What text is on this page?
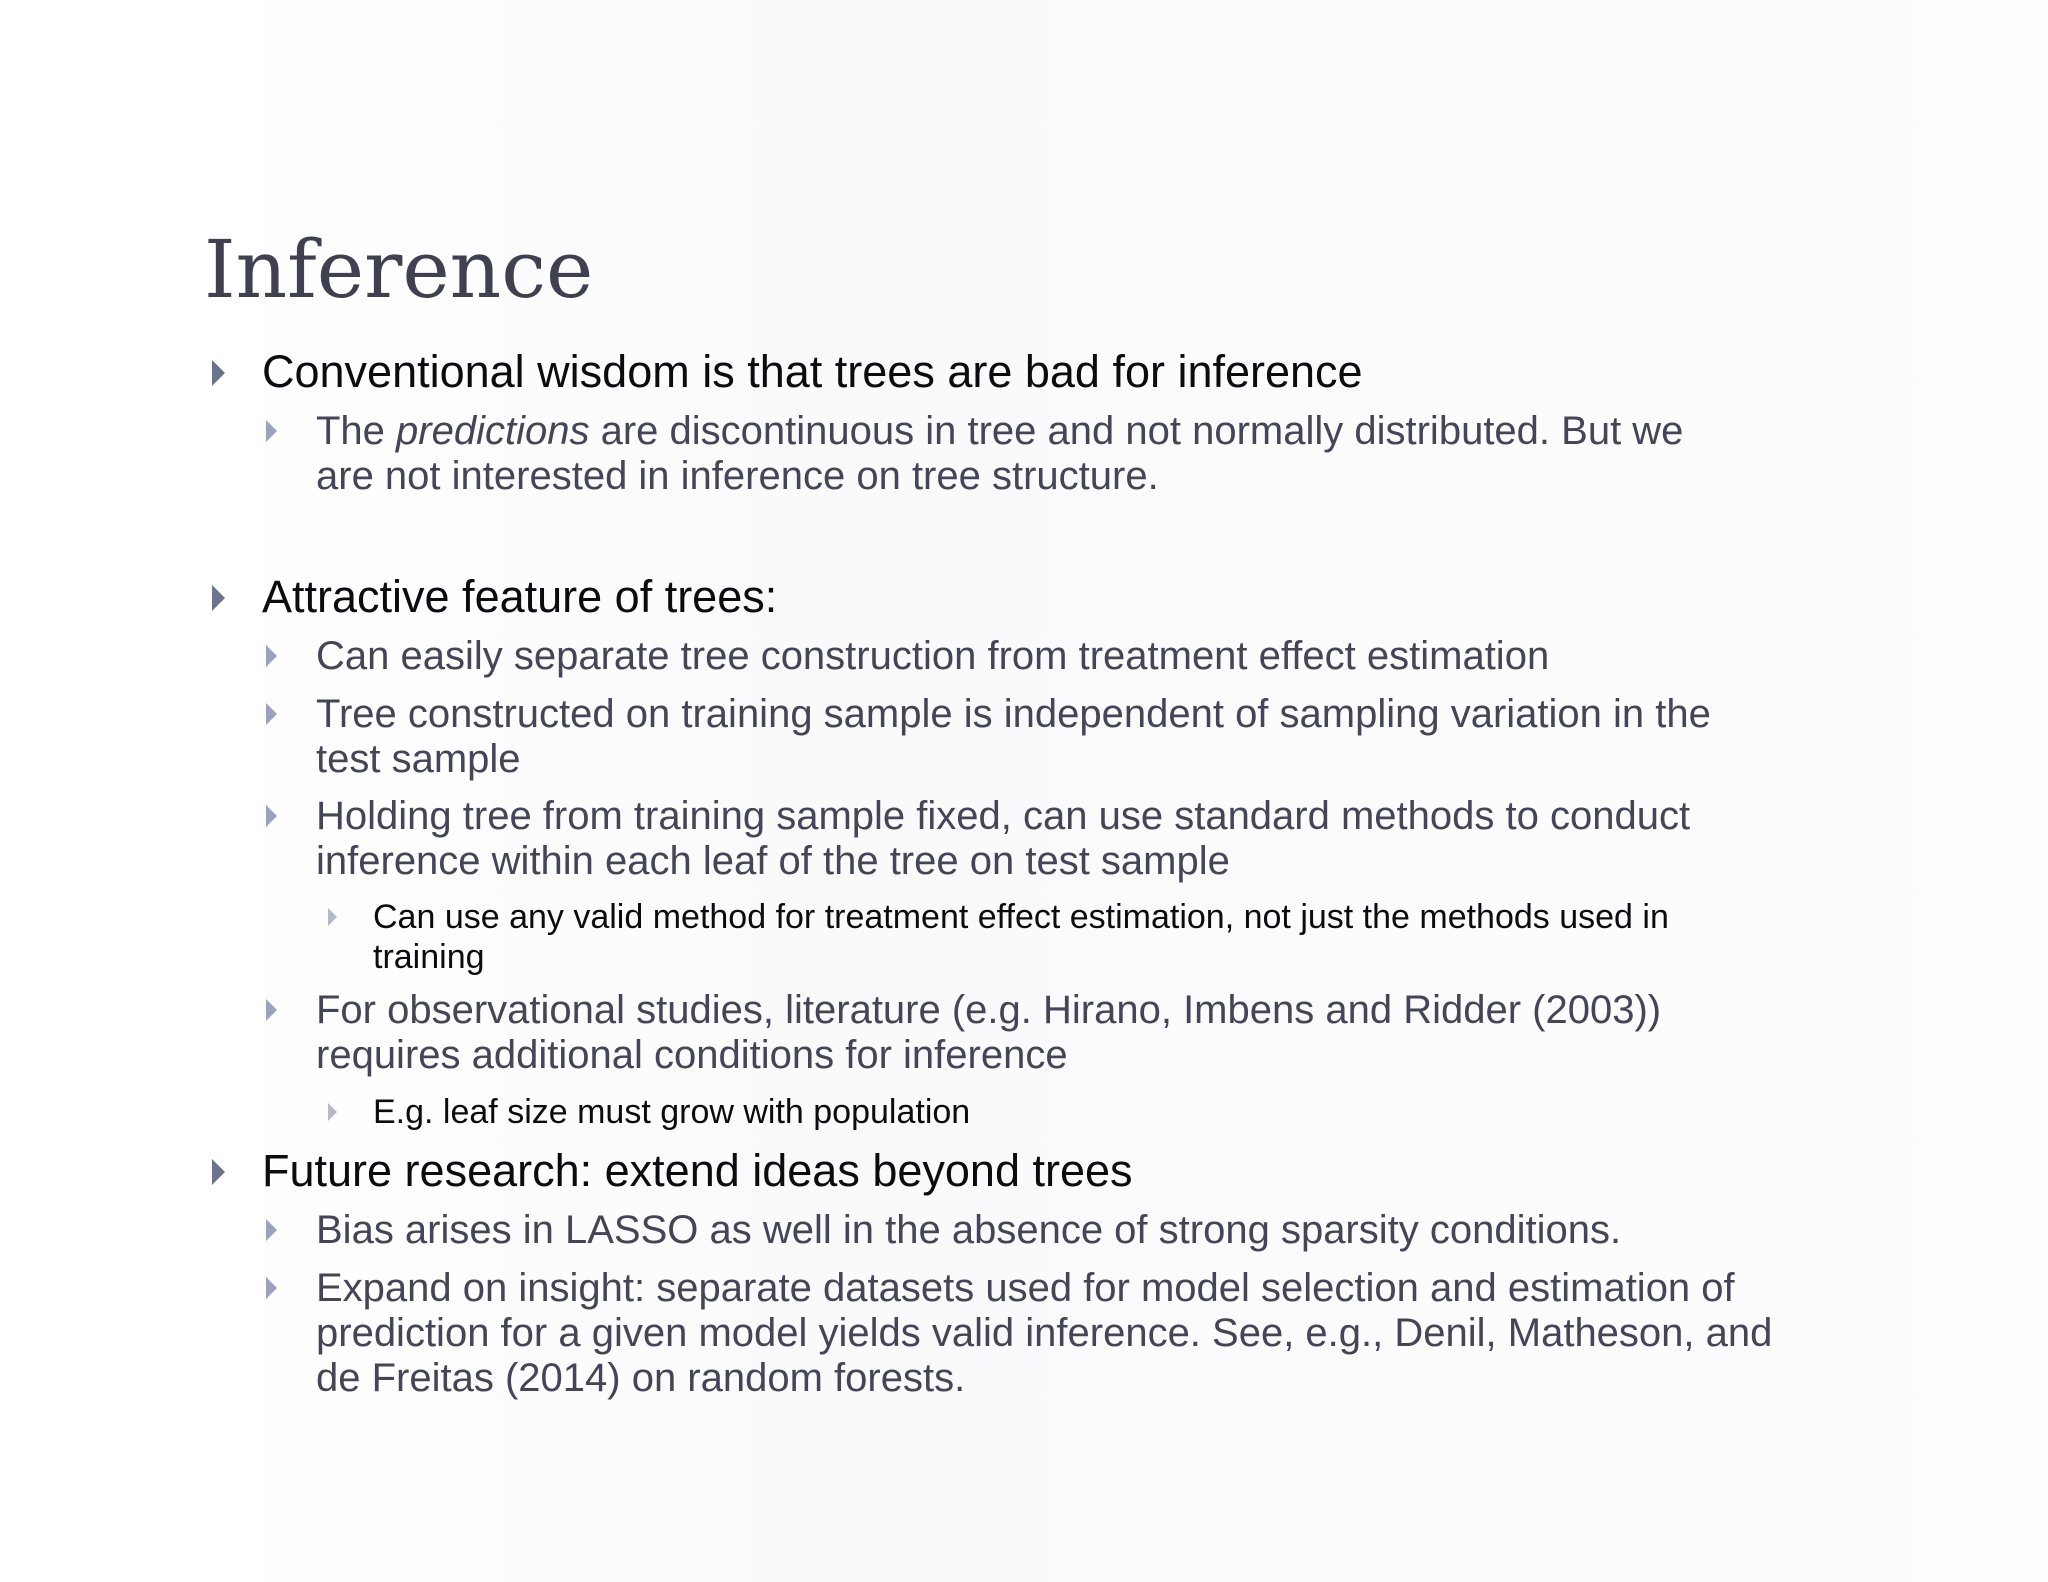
Inference
Conventional wisdom is that trees are bad for inference
The predictions are discontinuous in tree and not normally distributed. But we
are not interested in inference on tree structure.
Attractive feature of trees:
Can easily separate tree construction from treatment effect estimation
Tree constructed on training sample is independent of sampling variation in the
test sample
Holding tree from training sample fixed, can use standard methods to conduct
inference within each leaf of the tree on test sample
Can use any valid method for treatment effect estimation, not just the methods used in
training
For observational studies, literature (e.g. Hirano, Imbens and Ridder (2003))
requires additional conditions for inference
E.g. leaf size must grow with population
Future research: extend ideas beyond trees
Bias arises in LASSO as well in the absence of strong sparsity conditions.
Expand on insight: separate datasets used for model selection and estimation of
prediction for a given model yields valid inference. See, e.g., Denil, Matheson, and
de Freitas (2014) on random forests.
